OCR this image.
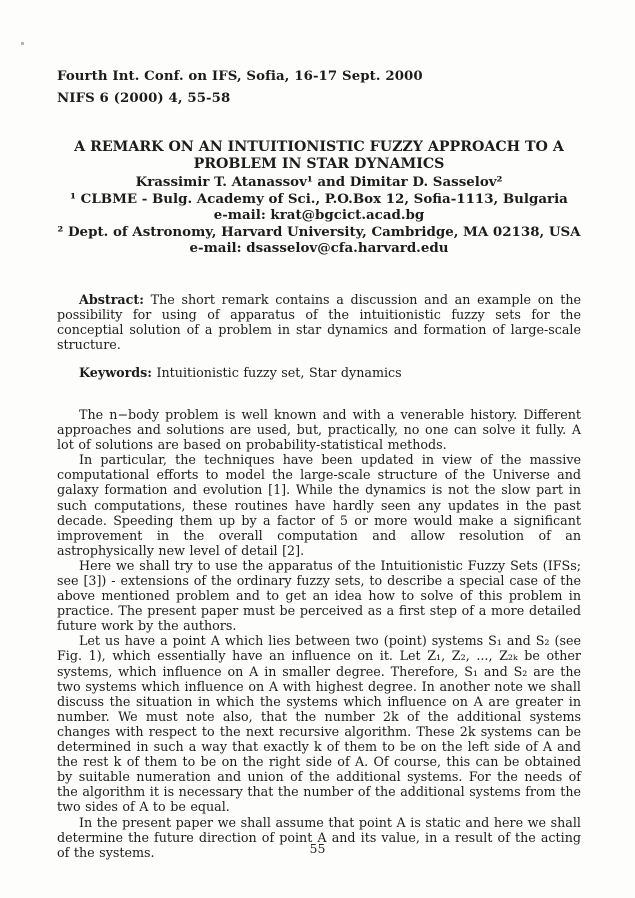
Fourth Int. Conf. on IFS, Sofia, 16-17 Sept. 2000
NIFS 6 (2000) 4, 55-58
A REMARK ON AN INTUITIONISTIC FUZZY APPROACH TO A PROBLEM IN STAR DYNAMICS
Krassimir T. Atanassov¹ and Dimitar D. Sasselov²
¹ CLBME - Bulg. Academy of Sci., P.O.Box 12, Sofia-1113, Bulgaria
e-mail: krat@bgcict.acad.bg
² Dept. of Astronomy, Harvard University, Cambridge, MA 02138, USA
e-mail: dsasselov@cfa.harvard.edu

Abstract: The short remark contains a discussion and an example on the possibility for using of apparatus of the intuitionistic fuzzy sets for the conceptial solution of a problem in star dynamics and formation of large-scale structure.

Keywords: Intuitionistic fuzzy set, Star dynamics

The n−body problem is well known and with a venerable history. Different approaches and solutions are used, but, practically, no one can solve it fully. A lot of solutions are based on probability-statistical methods.

In particular, the techniques have been updated in view of the massive computational efforts to model the large-scale structure of the Universe and galaxy formation and evolution [1]. While the dynamics is not the slow part in such computations, these routines have hardly seen any updates in the past decade. Speeding them up by a factor of 5 or more would make a significant improvement in the overall computation and allow resolution of an astrophysically new level of detail [2].

Here we shall try to use the apparatus of the Intuitionistic Fuzzy Sets (IFSs; see [3]) - extensions of the ordinary fuzzy sets, to describe a special case of the above mentioned problem and to get an idea how to solve of this problem in practice. The present paper must be perceived as a first step of a more detailed future work by the authors.

Let us have a point A which lies between two (point) systems S₁ and S₂ (see Fig. 1), which essentially have an influence on it. Let Z₁, Z₂, ..., Z₂ₖ be other systems, which influence on A in smaller degree. Therefore, S₁ and S₂ are the two systems which influence on A with highest degree. In another note we shall discuss the situation in which the systems which influence on A are greater in number. We must note also, that the number 2k of the additional systems changes with respect to the next recursive algorithm. These 2k systems can be determined in such a way that exactly k of them to be on the left side of A and the rest k of them to be on the right side of A. Of course, this can be obtained by suitable numeration and union of the additional systems. For the needs of the algorithm it is necessary that the number of the additional systems from the two sides of A to be equal.

In the present paper we shall assume that point A is static and here we shall determine the future direction of point A and its value, in a result of the acting of the systems.	55
